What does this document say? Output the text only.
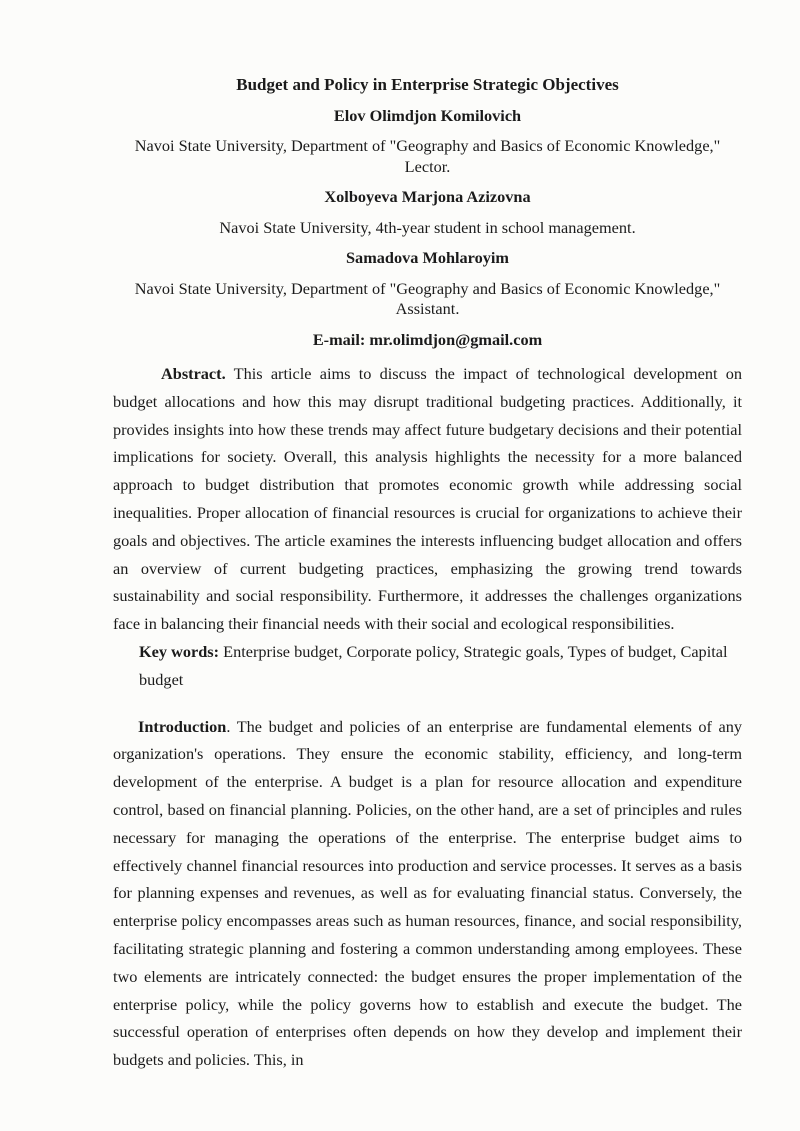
Budget and Policy in Enterprise Strategic Objectives

Elov Olimdjon Komilovich

Navoi State University, Department of "Geography and Basics of Economic Knowledge,"
Lector.

Xolboyeva Marjona Azizovna

Navoi State University, 4th-year student in school management.

Samadova Mohlaroyim

Navoi State University, Department of "Geography and Basics of Economic Knowledge,"
Assistant.

E-mail: mr.olimdjon@gmail.com

Abstract. This article aims to discuss the impact of technological development on budget allocations and how this may disrupt traditional budgeting practices. Additionally, it provides insights into how these trends may affect future budgetary decisions and their potential implications for society. Overall, this analysis highlights the necessity for a more balanced approach to budget distribution that promotes economic growth while addressing social inequalities. Proper allocation of financial resources is crucial for organizations to achieve their goals and objectives. The article examines the interests influencing budget allocation and offers an overview of current budgeting practices, emphasizing the growing trend towards sustainability and social responsibility. Furthermore, it addresses the challenges organizations face in balancing their financial needs with their social and ecological responsibilities.

Key words: Enterprise budget, Corporate policy, Strategic goals, Types of budget, Capital budget

Introduction. The budget and policies of an enterprise are fundamental elements of any organization's operations. They ensure the economic stability, efficiency, and long-term development of the enterprise. A budget is a plan for resource allocation and expenditure control, based on financial planning. Policies, on the other hand, are a set of principles and rules necessary for managing the operations of the enterprise. The enterprise budget aims to effectively channel financial resources into production and service processes. It serves as a basis for planning expenses and revenues, as well as for evaluating financial status. Conversely, the enterprise policy encompasses areas such as human resources, finance, and social responsibility, facilitating strategic planning and fostering a common understanding among employees. These two elements are intricately connected: the budget ensures the proper implementation of the enterprise policy, while the policy governs how to establish and execute the budget. The successful operation of enterprises often depends on how they develop and implement their budgets and policies. This, in
